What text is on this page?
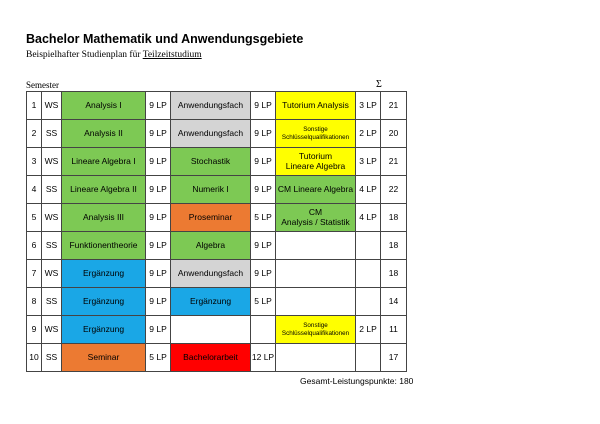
Bachelor Mathematik und Anwendungsgebiete
Beispielhafter Studienplan für Teilzeitstudium
Semester	Σ
1	WS	Analysis I	9 LP	Anwendungsfach	9 LP	Tutorium Analysis	3 LP	21
2	SS	Analysis II	9 LP	Anwendungsfach	9 LP	Sonstige
Schlüsselqualifikationen	2 LP	20
3	WS	Lineare Algebra I	9 LP	Stochastik	9 LP	Tutorium
Lineare Algebra	3 LP	21
4	SS	Lineare Algebra II	9 LP	Numerik I	9 LP	CM Lineare Algebra	4 LP	22
5	WS	Analysis III	9 LP	Proseminar	5 LP	CM
Analysis / Statistik	4 LP	18
6	SS	Funktionentheorie	9 LP	Algebra	9 LP			18
7	WS	Ergänzung	9 LP	Anwendungsfach	9 LP			18
8	SS	Ergänzung	9 LP	Ergänzung	5 LP			14
9	WS	Ergänzung	9 LP			Sonstige
Schlüsselqualifikationen	2 LP	11
10	SS	Seminar	5 LP	Bachelorarbeit	12 LP			17
Gesamt-Leistungspunkte: 180
